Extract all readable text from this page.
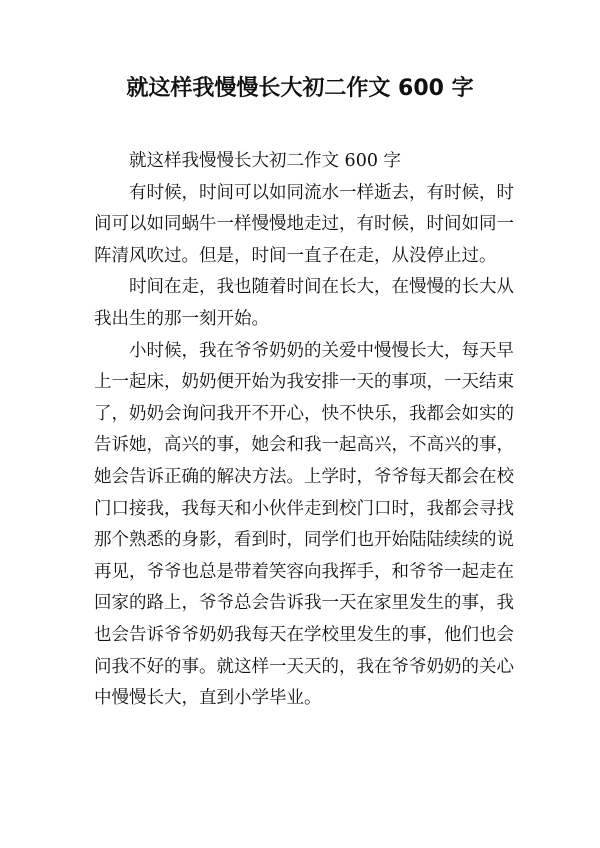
就这样我慢慢长大初二作文 600 字

就这样我慢慢长大初二作文 600 字

有时候，时间可以如同流水一样逝去，有时候，时间可以如同蜗牛一样慢慢地走过，有时候，时间如同一阵清风吹过。但是，时间一直子在走，从没停止过。

时间在走，我也随着时间在长大，在慢慢的长大从我出生的那一刻开始。

小时候，我在爷爷奶奶的关爱中慢慢长大，每天早上一起床，奶奶便开始为我安排一天的事项，一天结束了，奶奶会询问我开不开心，快不快乐，我都会如实的告诉她，高兴的事，她会和我一起高兴，不高兴的事，她会告诉正确的解决方法。上学时，爷爷每天都会在校门口接我，我每天和小伙伴走到校门口时，我都会寻找那个熟悉的身影，看到时，同学们也开始陆陆续续的说再见，爷爷也总是带着笑容向我挥手，和爷爷一起走在回家的路上，爷爷总会告诉我一天在家里发生的事，我也会告诉爷爷奶奶我每天在学校里发生的事，他们也会问我不好的事。就这样一天天的，我在爷爷奶奶的关心中慢慢长大，直到小学毕业。
